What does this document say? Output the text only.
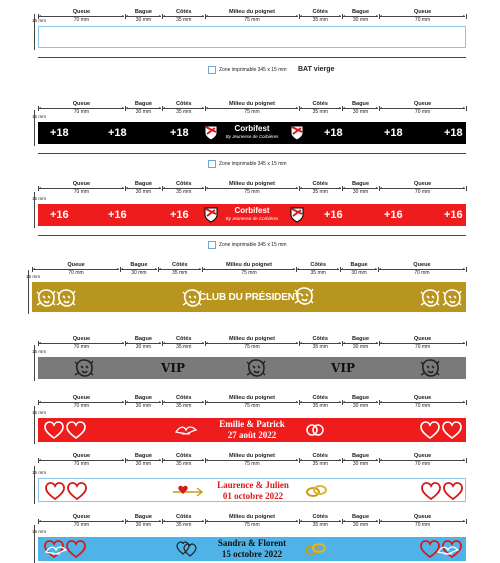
Queue
70 mm
Bague
30 mm
Côtés
35 mm
Milieu du poignet
75 mm
Côtés
35 mm
Bague
30 mm
Queue
70 mm
15 mm
Zone imprimable 345 x 15 mm BAT vierge
Queue
70 mm
Bague
30 mm
Côtés
35 mm
Milieu du poignet
75 mm
Côtés
35 mm
Bague
30 mm
Queue
70 mm
15 mm
+18	+18	+18	+18	+18	+18
Corbifest
By Jeunesse de Corbières
Zone imprimable 345 x 15 mm
Queue
70 mm
Bague
30 mm
Côtés
35 mm
Milieu du poignet
75 mm
Côtés
35 mm
Bague
30 mm
Queue
70 mm
15 mm
+16	+16	+16	+16	+16	+16
Corbifest
By Jeunesse de Corbières
Zone imprimable 345 x 15 mm
Queue
70 mm
Bague
30 mm
Côtés
35 mm
Milieu du poignet
75 mm
Côtés
35 mm
Bague
30 mm
Queue
70 mm
15 mm
CLUB DU PRÉSIDENT
Queue
70 mm
Bague
30 mm
Côtés
35 mm
Milieu du poignet
75 mm
Côtés
35 mm
Bague
30 mm
Queue
70 mm
15 mm
VIP	VIP
Queue
70 mm
Bague
30 mm
Côtés
35 mm
Milieu du poignet
75 mm
Côtés
35 mm
Bague
30 mm
Queue
70 mm
15 mm
Emilie & Patrick
27 août 2022
Queue
70 mm
Bague
30 mm
Côtés
35 mm
Milieu du poignet
75 mm
Côtés
35 mm
Bague
30 mm
Queue
70 mm
15 mm
Laurence & Julien
01 octobre 2022
Queue
70 mm
Bague
30 mm
Côtés
35 mm
Milieu du poignet
75 mm
Côtés
35 mm
Bague
30 mm
Queue
70 mm
15 mm
Sandra & Florent
15 octobre 2022
